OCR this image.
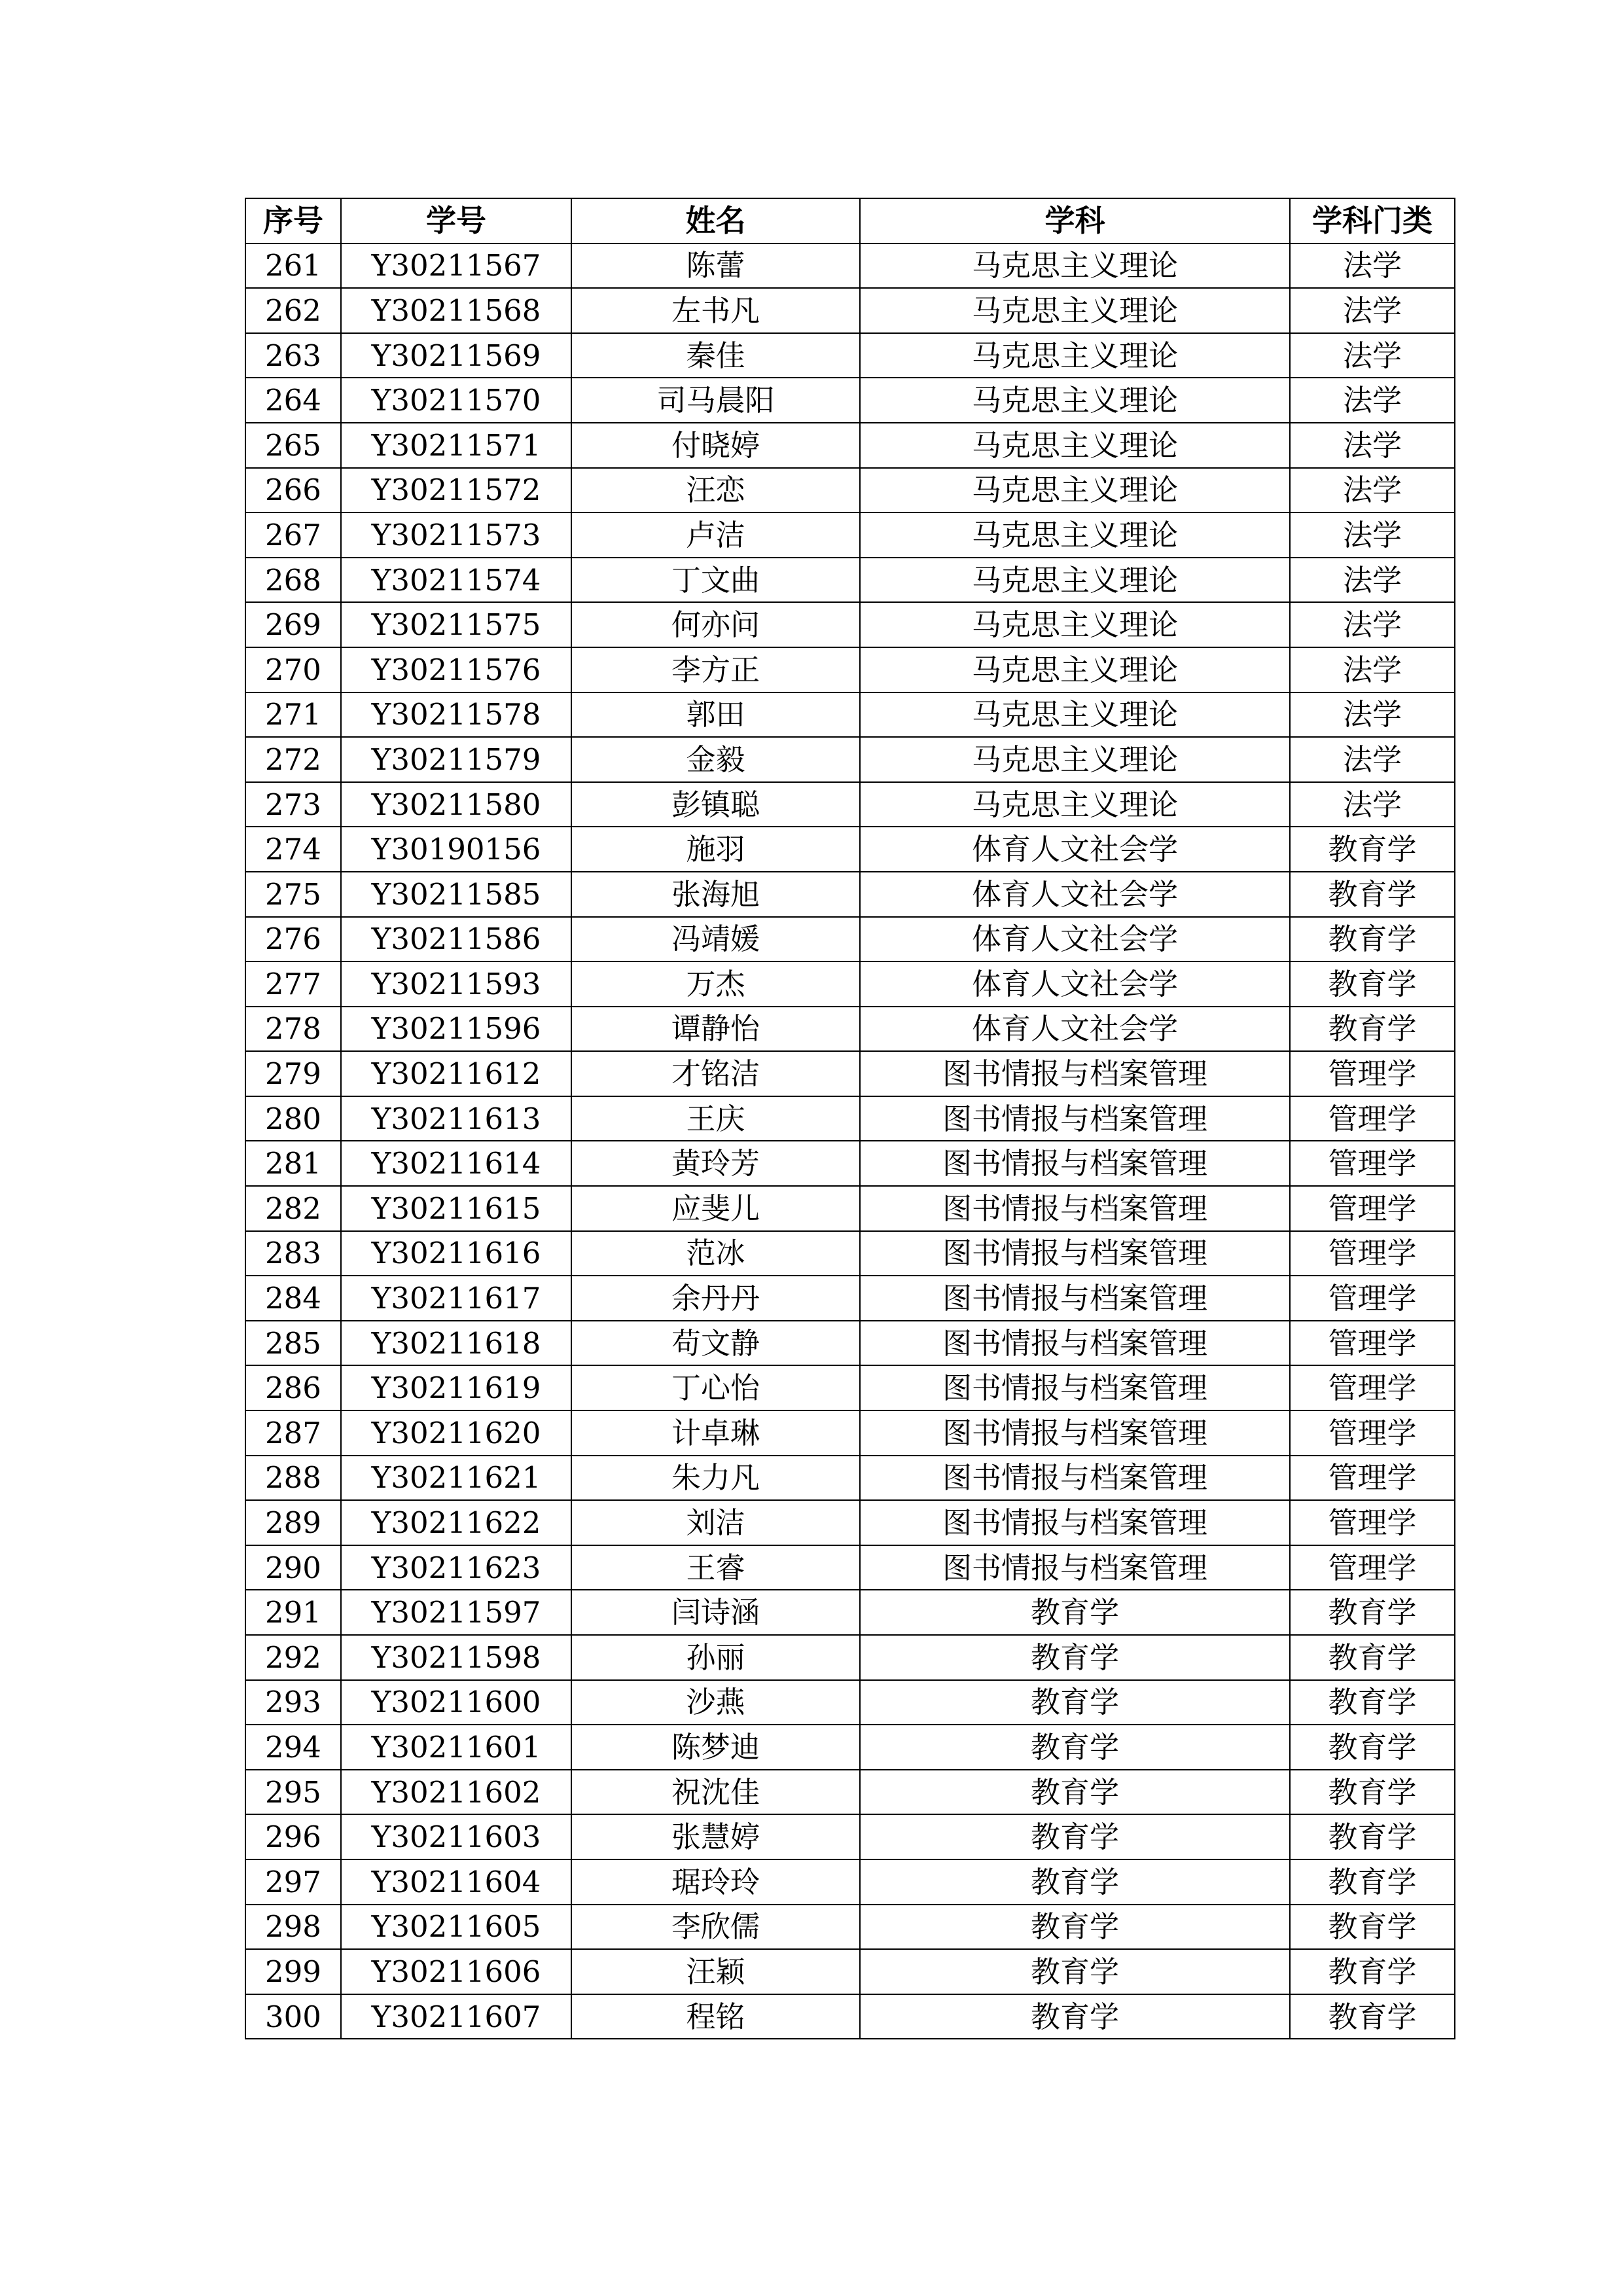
序号	学号	姓名	学科	学科门类
261	Y30211567	陈蕾	马克思主义理论	法学
262	Y30211568	左书凡	马克思主义理论	法学
263	Y30211569	秦佳	马克思主义理论	法学
264	Y30211570	司马晨阳	马克思主义理论	法学
265	Y30211571	付晓婷	马克思主义理论	法学
266	Y30211572	汪恋	马克思主义理论	法学
267	Y30211573	卢洁	马克思主义理论	法学
268	Y30211574	丁文曲	马克思主义理论	法学
269	Y30211575	何亦问	马克思主义理论	法学
270	Y30211576	李方正	马克思主义理论	法学
271	Y30211578	郭田	马克思主义理论	法学
272	Y30211579	金毅	马克思主义理论	法学
273	Y30211580	彭镇聪	马克思主义理论	法学
274	Y30190156	施羽	体育人文社会学	教育学
275	Y30211585	张海旭	体育人文社会学	教育学
276	Y30211586	冯靖媛	体育人文社会学	教育学
277	Y30211593	万杰	体育人文社会学	教育学
278	Y30211596	谭静怡	体育人文社会学	教育学
279	Y30211612	才铭洁	图书情报与档案管理	管理学
280	Y30211613	王庆	图书情报与档案管理	管理学
281	Y30211614	黄玲芳	图书情报与档案管理	管理学
282	Y30211615	应斐儿	图书情报与档案管理	管理学
283	Y30211616	范冰	图书情报与档案管理	管理学
284	Y30211617	余丹丹	图书情报与档案管理	管理学
285	Y30211618	苟文静	图书情报与档案管理	管理学
286	Y30211619	丁心怡	图书情报与档案管理	管理学
287	Y30211620	计卓琳	图书情报与档案管理	管理学
288	Y30211621	朱力凡	图书情报与档案管理	管理学
289	Y30211622	刘洁	图书情报与档案管理	管理学
290	Y30211623	王睿	图书情报与档案管理	管理学
291	Y30211597	闫诗涵	教育学	教育学
292	Y30211598	孙丽	教育学	教育学
293	Y30211600	沙燕	教育学	教育学
294	Y30211601	陈梦迪	教育学	教育学
295	Y30211602	祝沈佳	教育学	教育学
296	Y30211603	张慧婷	教育学	教育学
297	Y30211604	琚玲玲	教育学	教育学
298	Y30211605	李欣儒	教育学	教育学
299	Y30211606	汪颖	教育学	教育学
300	Y30211607	程铭	教育学	教育学
